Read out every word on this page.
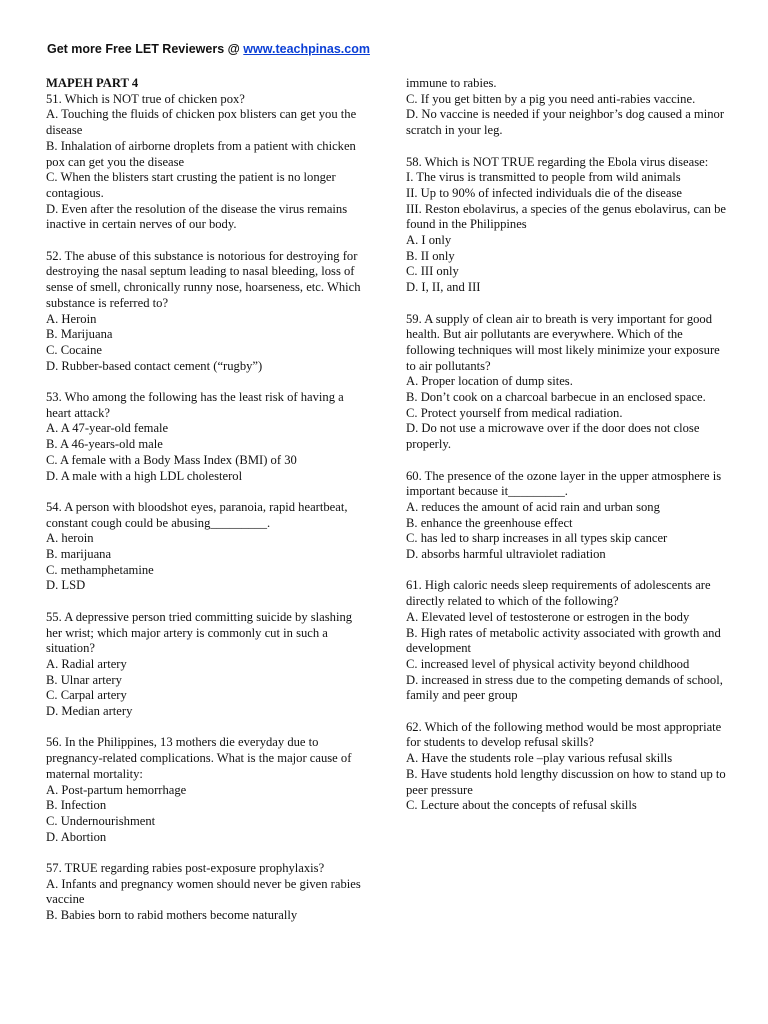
Get more Free LET Reviewers @ www.teachpinas.com
MAPEH PART 4

51. Which is NOT true of chicken pox?

A. Touching the fluids of chicken pox blisters can get you the disease

B. Inhalation of airborne droplets from a patient with chicken pox can get you the disease

C. When the blisters start crusting the patient is no longer contagious.

D. Even after the resolution of the disease the virus remains inactive in certain nerves of our body.

52. The abuse of this substance is notorious for destroying for destroying the nasal septum leading to nasal bleeding, loss of sense of smell, chronically runny nose, hoarseness, etc. Which substance is referred to?

A. Heroin

B. Marijuana

C. Cocaine

D. Rubber-based contact cement (“rugby”)

53. Who among the following has the least risk of having a heart attack?

A. A 47-year-old female

B. A 46-years-old male

C. A female with a Body Mass Index (BMI) of 30

D. A male with a high LDL cholesterol

54. A person with bloodshot eyes, paranoia, rapid heartbeat, constant cough could be abusing_________.

A. heroin

B. marijuana

C. methamphetamine

D. LSD

55. A depressive person tried committing suicide by slashing her wrist; which major artery is commonly cut in such a situation?

A. Radial artery

B. Ulnar artery

C. Carpal artery

D. Median artery

56. In the Philippines, 13 mothers die everyday due to pregnancy-related complications. What is the major cause of maternal mortality:

A. Post-partum hemorrhage

B. Infection

C. Undernourishment

D. Abortion

57. TRUE regarding rabies post-exposure prophylaxis?

A. Infants and pregnancy women should never be given rabies vaccine

B. Babies born to rabid mothers become naturally

immune to rabies.

C. If you get bitten by a pig you need anti-rabies vaccine.

D. No vaccine is needed if your neighbor’s dog caused a minor scratch in your leg.

58. Which is NOT TRUE regarding the Ebola virus disease:

I. The virus is transmitted to people from wild animals

II. Up to 90% of infected individuals die of the disease

III. Reston ebolavirus, a species of the genus ebolavirus, can be found in the Philippines

A. I only

B. II only

C. III only

D. I, II, and III

59. A supply of clean air to breath is very important for good health. But air pollutants are everywhere. Which of the following techniques will most likely minimize your exposure to air pollutants?

A. Proper location of dump sites.

B. Don’t cook on a charcoal barbecue in an enclosed space.

C. Protect yourself from medical radiation.

D. Do not use a microwave over if the door does not close properly.

60. The presence of the ozone layer in the upper atmosphere is important because it_________.

A. reduces the amount of acid rain and urban song

B. enhance the greenhouse effect

C. has led to sharp increases in all types skip cancer

D. absorbs harmful ultraviolet radiation

61. High caloric needs sleep requirements of adolescents are directly related to which of the following?

A. Elevated level of testosterone or estrogen in the body

B. High rates of metabolic activity associated with growth and development

C. increased level of physical activity beyond childhood

D. increased in stress due to the competing demands of school, family and peer group

62. Which of the following method would be most appropriate for students to develop refusal skills?

A. Have the students role –play various refusal skills

B. Have students hold lengthy discussion on how to stand up to peer pressure

C. Lecture about the concepts of refusal skills
